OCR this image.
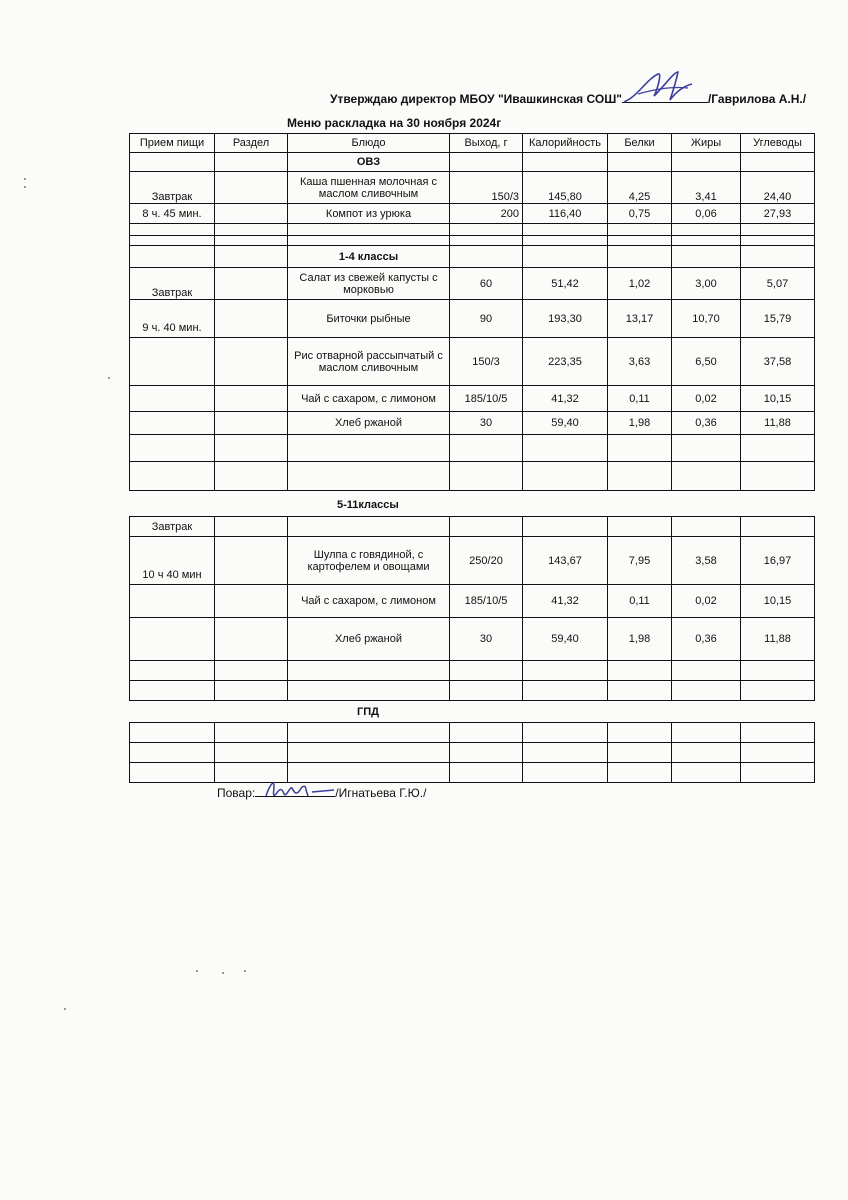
Утверждаю директор МБОУ "Ивашкинская СОШ"	/Гаврилова А.Н./
Меню раскладка на 30 ноября 2024г
Прием пищи	Раздел	Блюдо	Выход, г	Калорийность	Белки	Жиры	Углеводы
		ОВЗ					
Завтрак		Каша пшенная молочная с маслом сливочным	150/3	145,80	4,25	3,41	24,40
8 ч. 45 мин.		Компот из урюка	200	116,40	0,75	0,06	27,93

		1-4 классы					
Завтрак		Салат из свежей капусты с морковью	60	51,42	1,02	3,00	5,07
9 ч. 40 мин.		Биточки рыбные	90	193,30	13,17	10,70	15,79
		Рис отварной рассыпчатый с маслом сливочным	150/3	223,35	3,63	6,50	37,58
		Чай с сахаром, с лимоном	185/10/5	41,32	0,11	0,02	10,15
		Хлеб ржаной	30	59,40	1,98	0,36	11,88

5-11классы
Завтрак							
10 ч 40 мин		Шулпа с говядиной, с картофелем и овощами	250/20	143,67	7,95	3,58	16,97
		Чай с сахаром, с лимоном	185/10/5	41,32	0,11	0,02	10,15
		Хлеб ржаной	30	59,40	1,98	0,36	11,88

ГПД

Повар:	/Игнатьева Г.Ю./
